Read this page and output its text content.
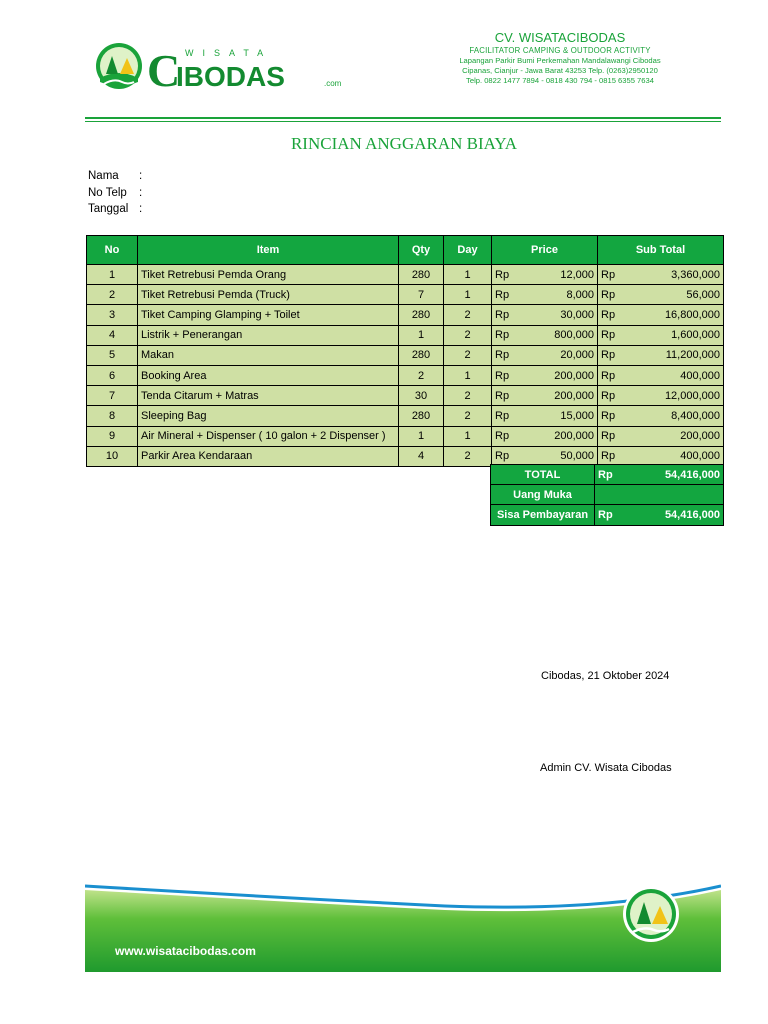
C WISATA
IBODAS	.com
CV. WISATACIBODAS
FACILITATOR CAMPING & OUTDOOR ACTIVITY
Lapangan Parkir Bumi Perkemahan Mandalawangi Cibodas
Cipanas, Cianjur - Jawa Barat 43253 Telp. (0263)2950120
Telp. 0822 1477 7894 - 0818 430 794 - 0815 6355 7634
RINCIAN ANGGARAN BIAYA
Nama	:
No Telp	:
Tanggal :
No	Item	Qty	Day	Price		Sub Total	
1	Tiket Retrebusi Pemda Orang	280	1	Rp	12,000	Rp	3,360,000
2	Tiket Retrebusi Pemda (Truck)	7	1	Rp	8,000	Rp	56,000
3	Tiket Camping Glamping + Toilet	280	2	Rp	30,000	Rp	16,800,000
4	Listrik + Penerangan	1	2	Rp	800,000	Rp	1,600,000
5	Makan	280	2	Rp	20,000	Rp	11,200,000
6	Booking Area	2	1	Rp	200,000	Rp	400,000
7	Tenda Citarum + Matras	30	2	Rp	200,000	Rp	12,000,000
8	Sleeping Bag	280	2	Rp	15,000	Rp	8,400,000
9	Air Mineral + Dispenser ( 10 galon + 2 Dispenser )	1	1	Rp	200,000	Rp	200,000
10	Parkir Area Kendaraan	4	2	Rp	50,000	Rp	400,000
TOTAL	Rp	54,416,000
Uang Muka		
Sisa Pembayaran	Rp	54,416,000
Cibodas, 21 Oktober 2024
Admin CV. Wisata Cibodas
www.wisatacibodas.com
